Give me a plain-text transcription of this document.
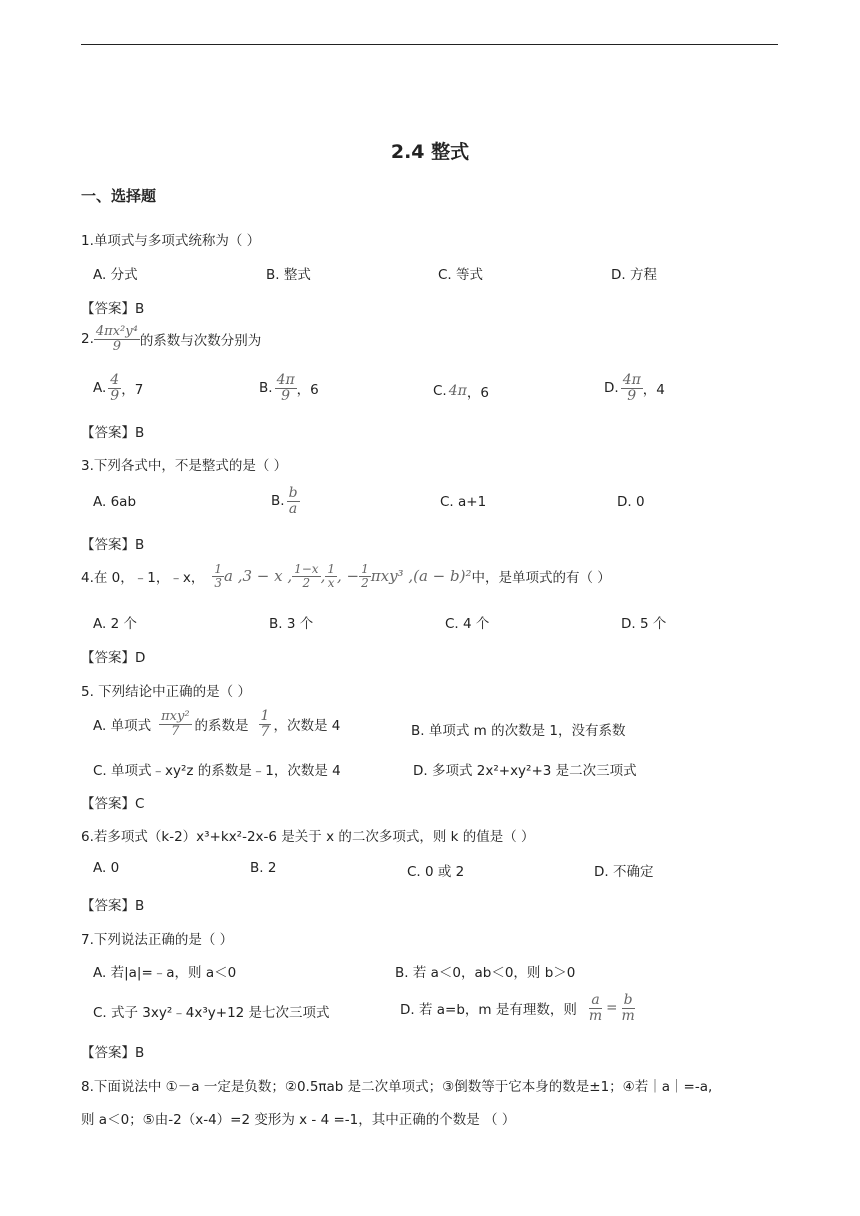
2.4 整式
一、选择题
1.单项式与多项式统称为（ ）
A. 分式	B. 整式	C. 等式	D. 方程
【答案】B
2. $\frac{\text{4πx²y⁴}}{9}$ 的系数与次数分别为
A. $\frac{4}{9}$ ，7	B. $\frac{4\pi}{9}$ ，6	C. 4π ，6	D. $\frac{4\pi}{9}$ ，4
【答案】B
3.下列各式中，不是整式的是（ ）
A. 6ab	B. $\frac{b}{a}$	C. a+1	D. 0
【答案】B
4.在 0，﹣1，﹣x， $\frac{1}{3}$ a ,3 − x , $\frac{1-x}{2}$ , $\frac{1}{x}$ , − $\frac{1}{2} \pi xy^3$ ,(a − b)² 中，是单项式的有（ ）
A. 2 个	B. 3 个	C. 4 个	D. 5 个
【答案】D
5. 下列结论中正确的是（ ）
A. 单项式 $\frac{\text{πxy²}}{7}$ 的系数是 $\frac{1}{7}$ ，次数是 4	B. 单项式 m 的次数是 1，没有系数
C. 单项式﹣xy²z 的系数是﹣1，次数是 4	D. 多项式 2x²+xy²+3 是二次三项式
【答案】C
6.若多项式（k-2）x³+kx²-2x-6 是关于 x 的二次多项式，则 k 的值是（ ）
A. 0	B. 2	C. 0 或 2	D. 不确定
【答案】B
7.下列说法正确的是（ ）
A. 若|a|=﹣a，则 a＜0	B. 若 a＜0，ab＜0，则 b＞0
C. 式子 3xy²﹣4x³y+12 是七次三项式	D. 若 a=b，m 是有理数，则 $\frac{a}{m} = \frac{b}{m}$
【答案】B
8.下面说法中 ①－a 一定是负数；②0.5πab 是二次单项式；③倒数等于它本身的数是±1；④若｜a｜=-a,
则 a＜0；⑤由-2（x-4）=2 变形为 x - 4 =-1，其中正确的个数是 （ ）
